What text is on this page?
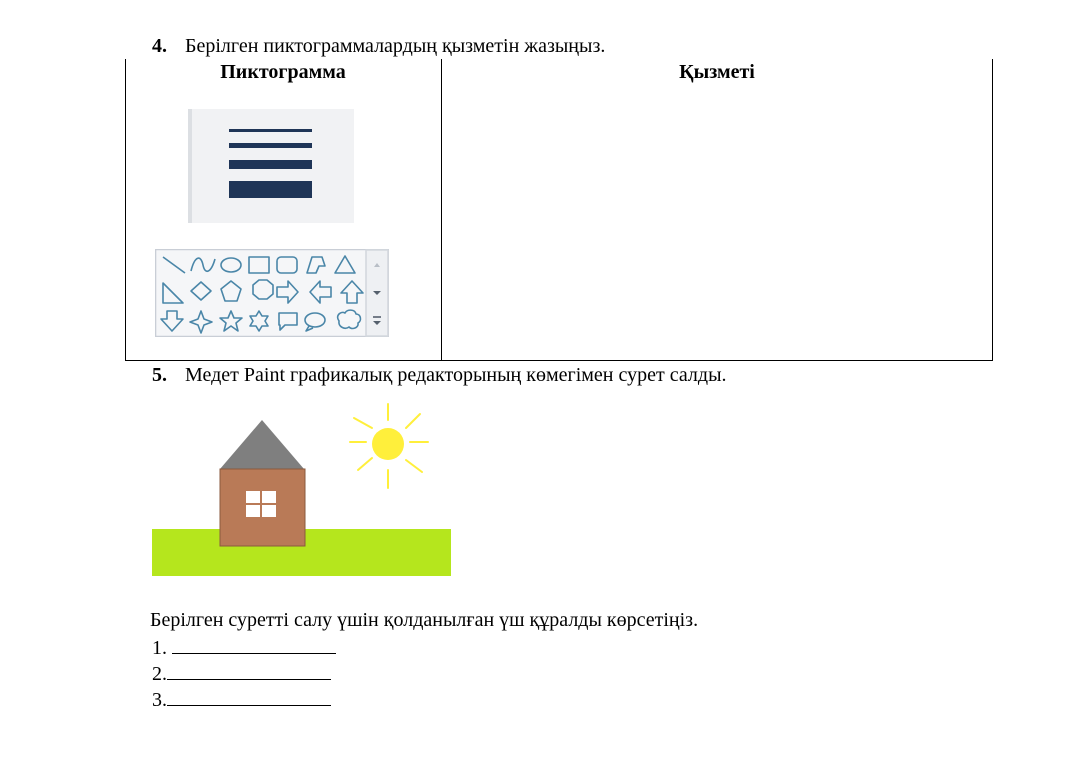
4. Берілген пиктограммалардың қызметін жазыңыз.
Пиктограмма	Қызметі
5. Медет Paint графикалық редакторының көмегімен сурет салды.
Берілген суретті салу үшін қолданылған үш құралды көрсетіңіз.
1.
2.
3.
